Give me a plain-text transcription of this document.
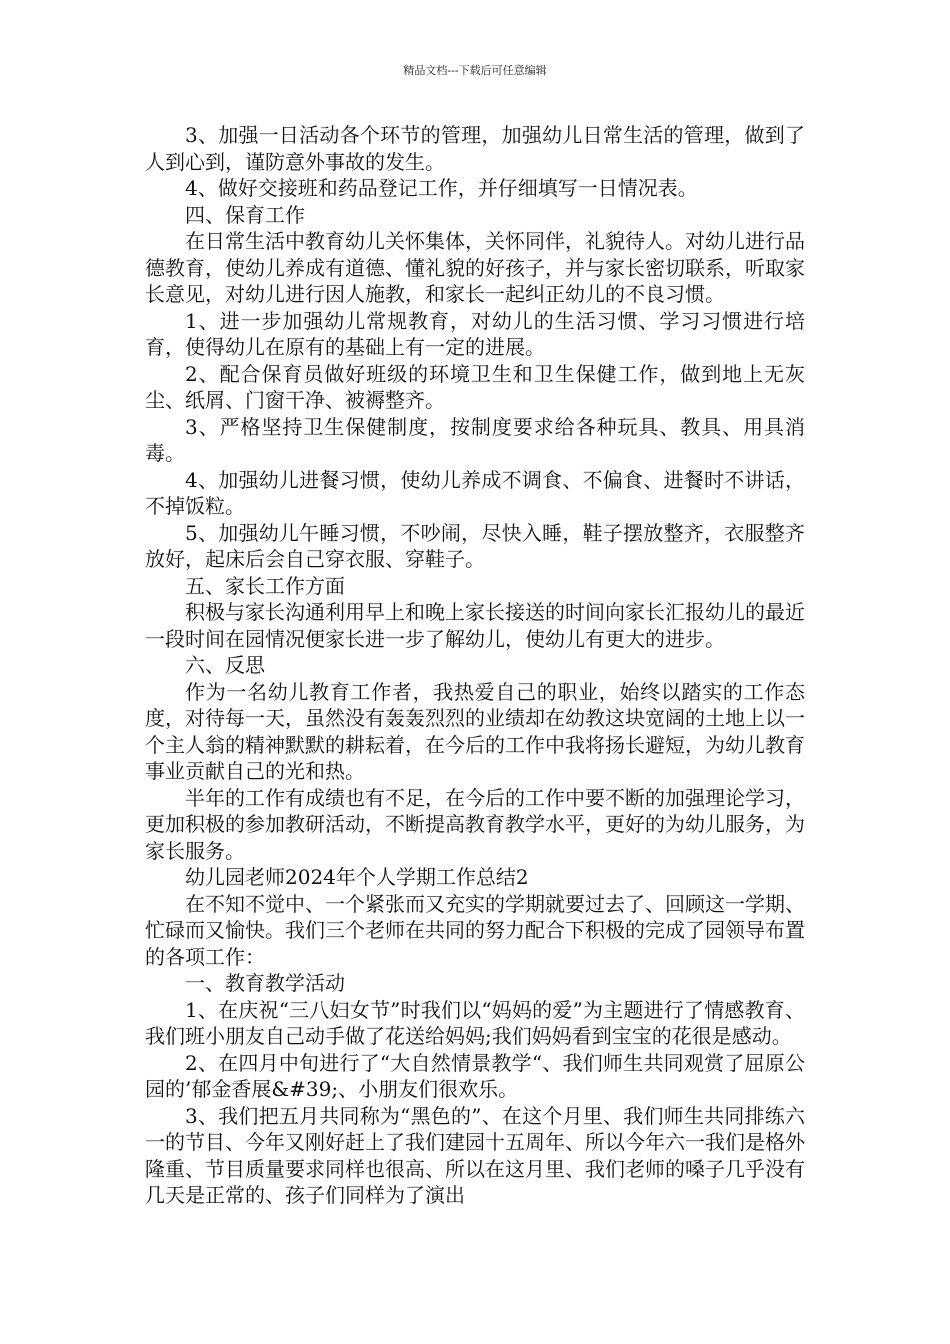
精品文档---下载后可任意编辑

3、加强一日活动各个环节的管理，加强幼儿日常生活的管理，做到了人到心到，谨防意外事故的发生。

4、做好交接班和药品登记工作，并仔细填写一日情况表。

四、保育工作

在日常生活中教育幼儿关怀集体，关怀同伴，礼貌待人。对幼儿进行品德教育，使幼儿养成有道德、懂礼貌的好孩子，并与家长密切联系，听取家长意见，对幼儿进行因人施教，和家长一起纠正幼儿的不良习惯。

1、进一步加强幼儿常规教育，对幼儿的生活习惯、学习习惯进行培育，使得幼儿在原有的基础上有一定的进展。

2、配合保育员做好班级的环境卫生和卫生保健工作，做到地上无灰尘、纸屑、门窗干净、被褥整齐。

3、严格坚持卫生保健制度，按制度要求给各种玩具、教具、用具消毒。

4、加强幼儿进餐习惯，使幼儿养成不调食、不偏食、进餐时不讲话，不掉饭粒。

5、加强幼儿午睡习惯，不吵闹，尽快入睡，鞋子摆放整齐，衣服整齐放好，起床后会自己穿衣服、穿鞋子。

五、家长工作方面

积极与家长沟通利用早上和晚上家长接送的时间向家长汇报幼儿的最近一段时间在园情况便家长进一步了解幼儿，使幼儿有更大的进步。

六、反思

作为一名幼儿教育工作者，我热爱自己的职业，始终以踏实的工作态度，对待每一天，虽然没有轰轰烈烈的业绩却在幼教这块宽阔的土地上以一个主人翁的精神默默的耕耘着，在今后的工作中我将扬长避短，为幼儿教育事业贡献自己的光和热。

半年的工作有成绩也有不足，在今后的工作中要不断的加强理论学习，更加积极的参加教研活动，不断提高教育教学水平，更好的为幼儿服务，为家长服务。

幼儿园老师2024年个人学期工作总结2

在不知不觉中、一个紧张而又充实的学期就要过去了、回顾这一学期、忙碌而又愉快。我们三个老师在共同的努力配合下积极的完成了园领导布置的各项工作：

一、教育教学活动

1、在庆祝“三八妇女节”时我们以“妈妈的爱”为主题进行了情感教育、我们班小朋友自己动手做了花送给妈妈;我们妈妈看到宝宝的花很是感动。

2、在四月中旬进行了“大自然情景教学“、我们师生共同观赏了屈原公园的’郁金香展&#39;、小朋友们很欢乐。

3、我们把五月共同称为“黑色的”、在这个月里、我们师生共同排练六一的节目、今年又刚好赶上了我们建园十五周年、所以今年六一我们是格外隆重、节目质量要求同样也很高、所以在这月里、我们老师的嗓子几乎没有几天是正常的、孩子们同样为了演出
